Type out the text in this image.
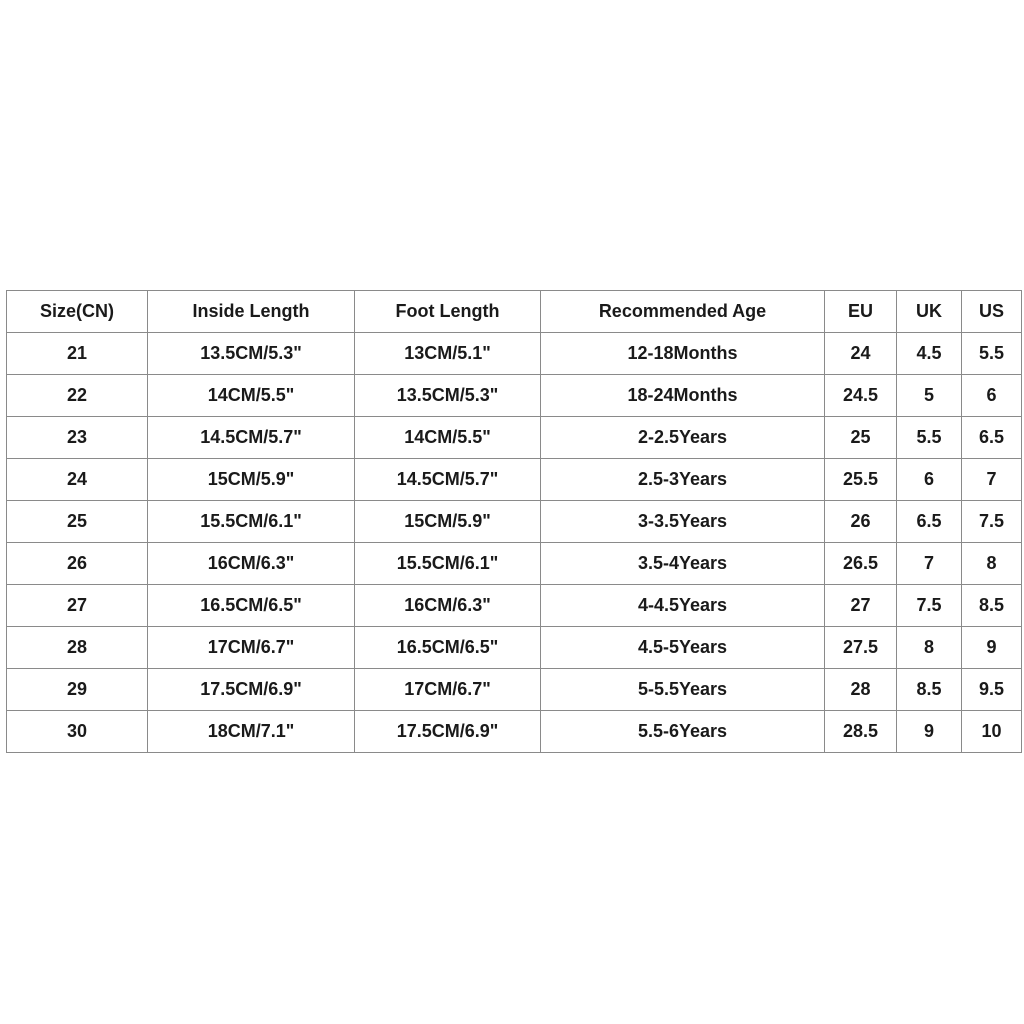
Size(CN)	Inside Length	Foot Length	Recommended Age	EU	UK	US
21	13.5CM/5.3"	13CM/5.1"	12-18Months	24	4.5	5.5
22	14CM/5.5"	13.5CM/5.3"	18-24Months	24.5	5	6
23	14.5CM/5.7"	14CM/5.5"	2-2.5Years	25	5.5	6.5
24	15CM/5.9"	14.5CM/5.7"	2.5-3Years	25.5	6	7
25	15.5CM/6.1"	15CM/5.9"	3-3.5Years	26	6.5	7.5
26	16CM/6.3"	15.5CM/6.1"	3.5-4Years	26.5	7	8
27	16.5CM/6.5"	16CM/6.3"	4-4.5Years	27	7.5	8.5
28	17CM/6.7"	16.5CM/6.5"	4.5-5Years	27.5	8	9
29	17.5CM/6.9"	17CM/6.7"	5-5.5Years	28	8.5	9.5
30	18CM/7.1"	17.5CM/6.9"	5.5-6Years	28.5	9	10
